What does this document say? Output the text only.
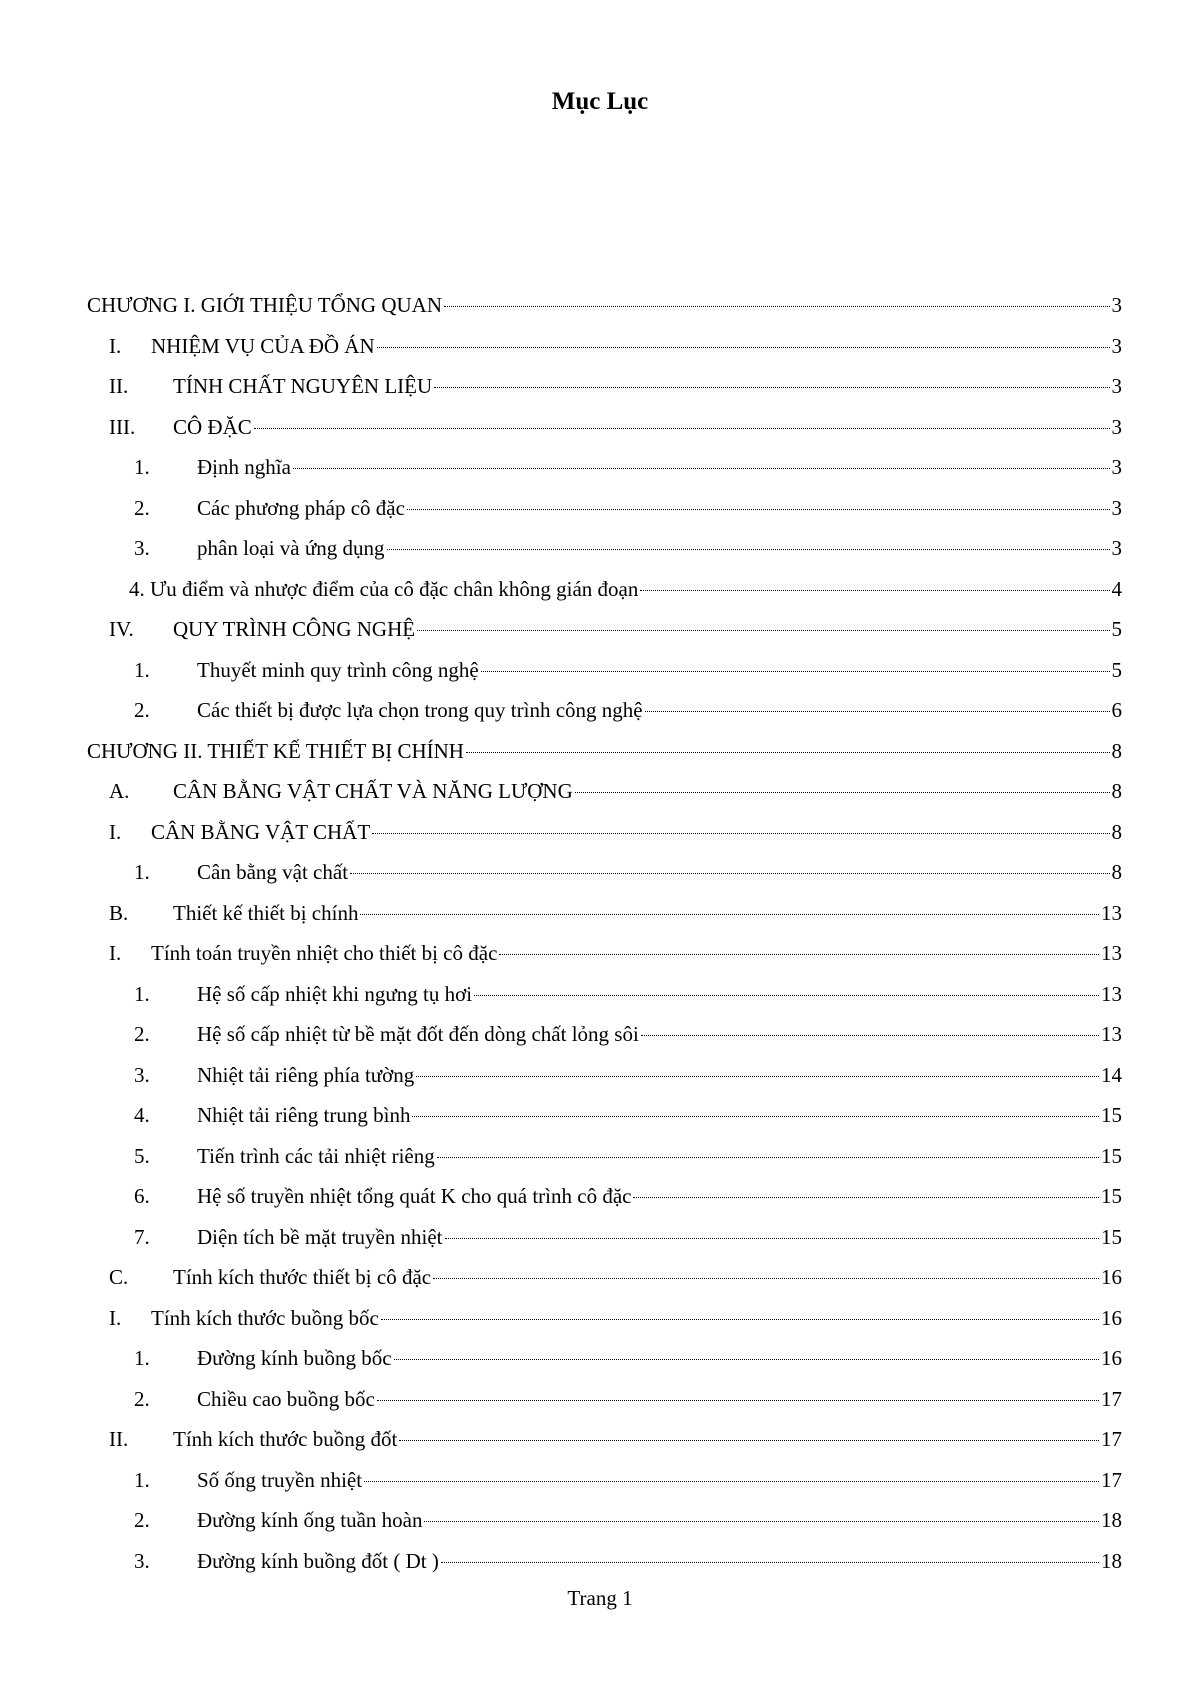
Mục Lục
CHƯƠNG I. GIỚI THIỆU TỔNG QUAN	3
I.	NHIỆM VỤ CỦA ĐỒ ÁN	3
II.	TÍNH CHẤT NGUYÊN LIỆU	3
III.	CÔ ĐẶC	3
1.	Định nghĩa	3
2.	Các phương pháp cô đặc	3
3.	phân loại và ứng dụng	3
4. Ưu điểm và nhược điểm của cô đặc chân không gián đoạn	4
IV.	QUY TRÌNH CÔNG NGHỆ	5
1.	Thuyết minh quy trình công nghệ	5
2.	Các thiết bị được lựa chọn trong quy trình công nghệ	6
CHƯƠNG II. THIẾT KẾ THIẾT BỊ CHÍNH	8
A.	CÂN BẰNG VẬT CHẤT VÀ NĂNG LƯỢNG	8
I.	CÂN BẰNG VẬT CHẤT	8
1.	Cân bằng vật chất	8
B.	Thiết kế thiết bị chính	13
I.	Tính toán truyền nhiệt cho thiết bị cô đặc	13
1.	Hệ số cấp nhiệt khi ngưng tụ hơi	13
2.	Hệ số cấp nhiệt từ bề mặt đốt đến dòng chất lỏng sôi	13
3.	Nhiệt tải riêng phía tường	14
4.	Nhiệt tải riêng trung bình	15
5.	Tiến trình các tải nhiệt riêng	15
6.	Hệ số truyền nhiệt tổng quát K cho quá trình cô đặc	15
7.	Diện tích bề mặt truyền nhiệt	15
C.	Tính kích thước thiết bị cô đặc	16
I.	Tính kích thước buồng bốc	16
1.	Đường kính buồng bốc	16
2.	Chiều cao buồng bốc	17
II.	Tính kích thước buồng đốt	17
1.	Số ống truyền nhiệt	17
2.	Đường kính ống tuần hoàn	18
3.	Đường kính buồng đốt ( Dt )	18
Trang 1
